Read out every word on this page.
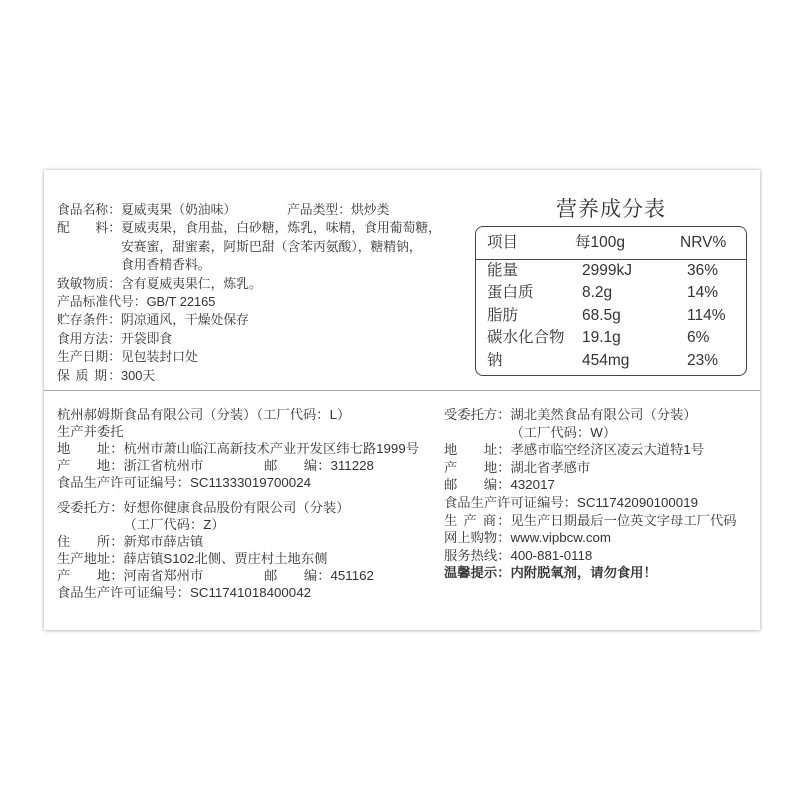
食品名称：夏威夷果（奶油味）	产品类型：烘炒类
配　　料：夏威夷果，食用盐，白砂糖，炼乳，味精，食用葡萄糖，
安赛蜜，甜蜜素，阿斯巴甜（含苯丙氨酸），糖精钠，
食用香精香料。
致敏物质：含有夏威夷果仁，炼乳。
产品标准代号：GB/T 22165
贮存条件：阴凉通风，干燥处保存
食用方法：开袋即食
生产日期：见包装封口处
保 质 期：300天
营养成分表
项目	每100g	NRV%
能量	2999kJ	36%
蛋白质	8.2g	14%
脂肪	68.5g	114%
碳水化合物 19.1g	6%
钠	454mg	23%
杭州郝姆斯食品有限公司（分装）（工厂代码：L）
生产并委托
地　　址：杭州市萧山临江高新技术产业开发区纬七路1999号
产　　地：浙江省杭州市	邮　　编：311228
食品生产许可证编号：SC11333019700024
受委托方：好想你健康食品股份有限公司（分装）
（工厂代码：Z）
住　　所：新郑市薛店镇
生产地址：薛店镇S102北侧、贾庄村土地东侧
产　　地：河南省郑州市	邮　　编：451162
食品生产许可证编号：SC11741018400042
受委托方：湖北美然食品有限公司（分装）
（工厂代码：W）
地　　址：孝感市临空经济区凌云大道特1号
产　　地：湖北省孝感市
邮　　编：432017
食品生产许可证编号：SC11742090100019
生 产 商：见生产日期最后一位英文字母工厂代码
网上购物：www.vipbcw.com
服务热线：400-881-0118
温馨提示：内附脱氧剂，请勿食用！
